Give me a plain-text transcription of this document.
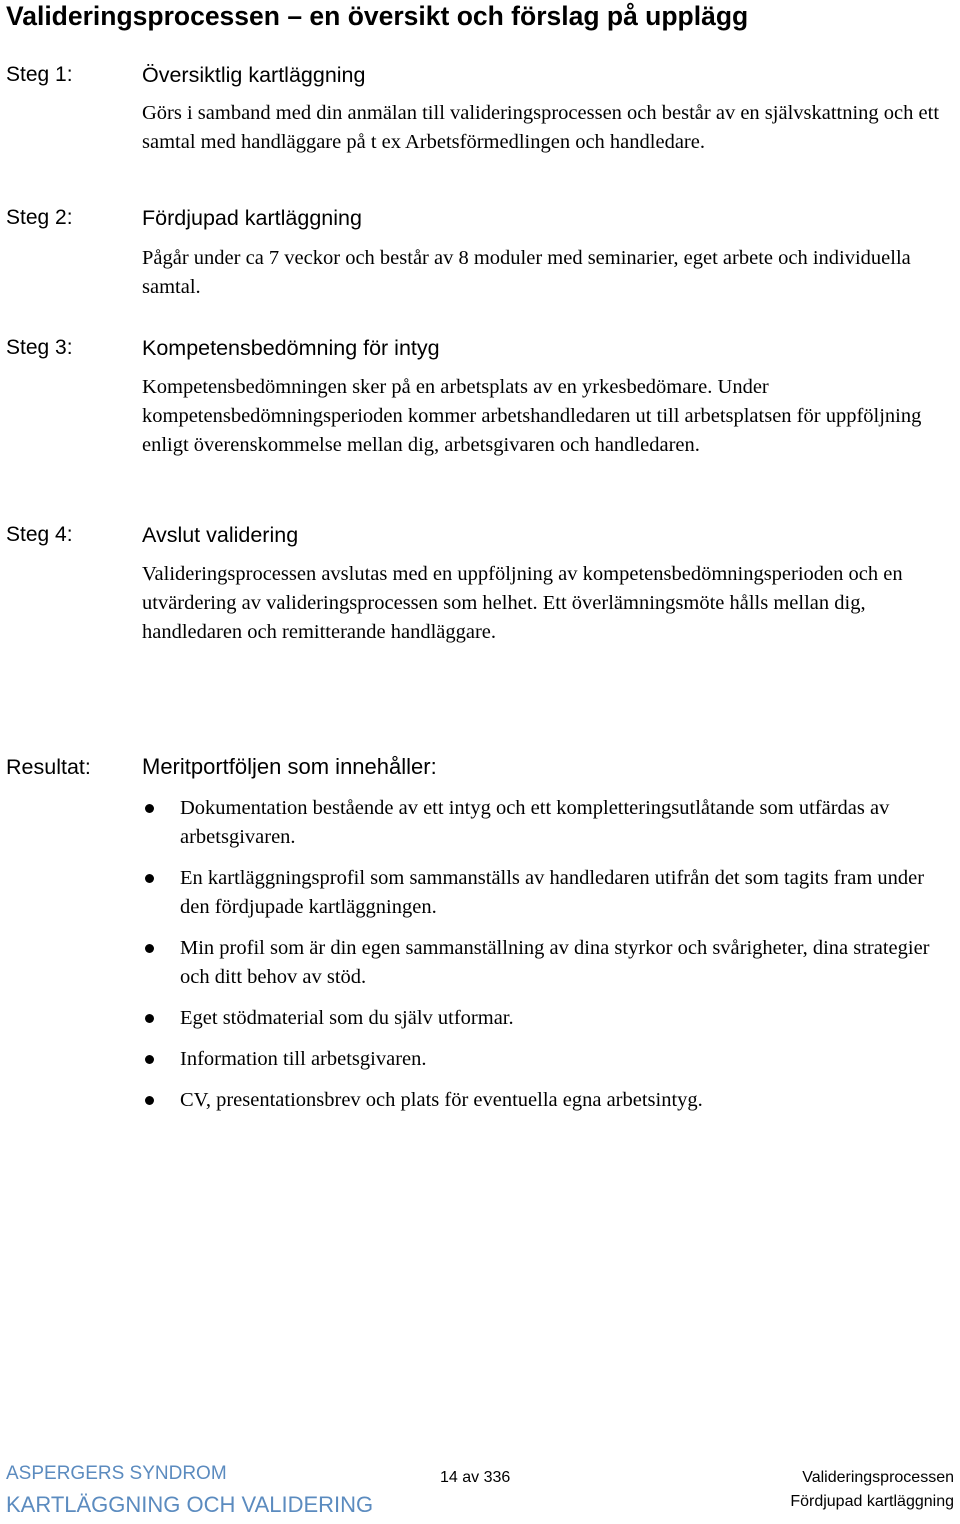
Valideringsprocessen – en översikt och förslag på upplägg
Steg 1:	Översiktlig kartläggning

Görs i samband med din anmälan till valideringsprocessen och består av en självskattning och ett samtal med handläggare på t ex Arbetsförmedlingen och handledare.

Steg 2:	Fördjupad kartläggning

Pågår under ca 7 veckor och består av 8 moduler med seminarier, eget arbete och individuella samtal.

Steg 3:	Kompetensbedömning för intyg

Kompetensbedömningen sker på en arbetsplats av en yrkesbedömare. Under kompetensbedömningsperioden kommer arbetshandledaren ut till arbetsplatsen för uppföljning enligt överenskommelse mellan dig, arbetsgivaren och handledaren.

Steg 4:	Avslut validering

Valideringsprocessen avslutas med en uppföljning av kompetensbedömningsperioden och en utvärdering av valideringsprocessen som helhet. Ett överlämningsmöte hålls mellan dig, handledaren och remitterande handläggare.

Resultat: Meritportföljen som innehåller:
Dokumentation bestående av ett intyg och ett kompletteringsutlåtande som utfärdas av arbetsgivaren.
En kartläggningsprofil som sammanställs av handledaren utifrån det som tagits fram under den fördjupade kartläggningen.
Min profil som är din egen sammanställning av dina styrkor och svårigheter, dina strategier och ditt behov av stöd.
Eget stödmaterial som du själv utformar.
Information till arbetsgivaren.
CV, presentationsbrev och plats för eventuella egna arbetsintyg.
ASPERGERS SYNDROM
KARTLÄGGNING OCH VALIDERING
14 av 336	Valideringsprocessen
Fördjupad kartläggning
